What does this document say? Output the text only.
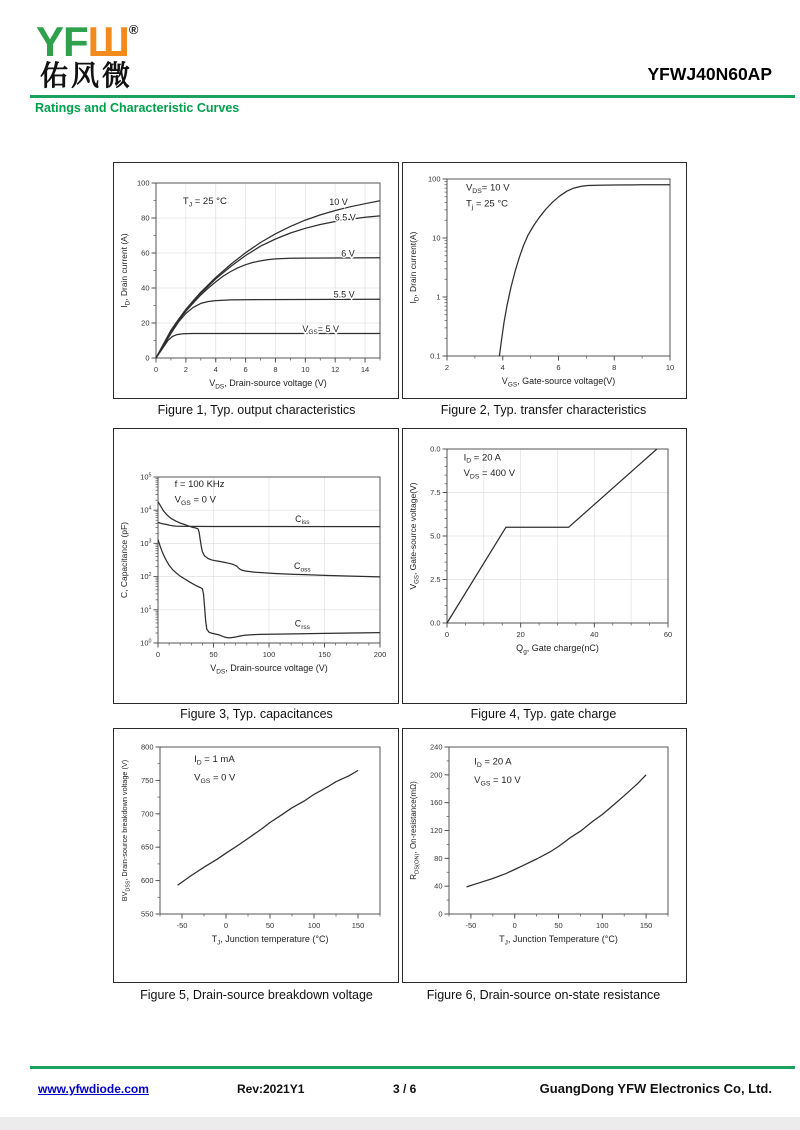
YFШ®
佑风微	YFWJ40N60AP
Ratings and Characteristic Curves
0	2	4	6	8	10	12	14
0
20
40
60
80
100
$V_{DS}$, Drain-source voltage (V)
$I_D$, Drain current (A)
$T_J = 25$ °C	10 V
6.5 V
6 V
5.5 V
$V_{GS}= 5$ V
2	4	6	8	10
0.1
1
10
100
$V_{GS}$, Gate-source voltage(V)
$I_D$, Drain current(A)
$V_{DS}= 10$ V
$T_j = 25$ °C
Figure 1, Typ. output characteristics	Figure 2, Typ. transfer characteristics
0	50	100	150	200
$10^0$
$10^1$
$10^2$
$10^3$
$10^4$
$10^5$
$V_{DS}$, Drain-source voltage (V)
C, Capacitance (pF)
f = 100 KHz
$V_{GS} = 0$ V
$C_{iss}$
$C_{oss}$
$C_{rss}$
0	20	40	60
0.0
2.5
5.0
7.5
0.0
$Q_g$, Gate charge(nC)
$V_{GS}$, Gate-source voltage(V)
$I_D = 20$ A
$V_{DS} = 400$ V
Figure 3, Typ. capacitances	Figure 4, Typ. gate charge
-50	0	50	100	150
550
600
650
700
750
800
$T_J$, Junction temperature (°C)
$BV_{DSS}$, Drain-source breakdown voltage (V)
$I_D = 1$ mA
$V_{GS} = 0$ V
-50	0	50	100	150
0
40
80
120
160
200
240
$T_J$, Junction Temperature (°C)
$R_{DS(ON)}$, On-resistance(mΩ)
$I_D = 20$ A
$V_{GS} = 10$ V
Figure 5, Drain-source breakdown voltage	Figure 6, Drain-source on-state resistance
www.yfwdiode.com	Rev:2021Y1	3 / 6	GuangDong YFW Electronics Co, Ltd.
